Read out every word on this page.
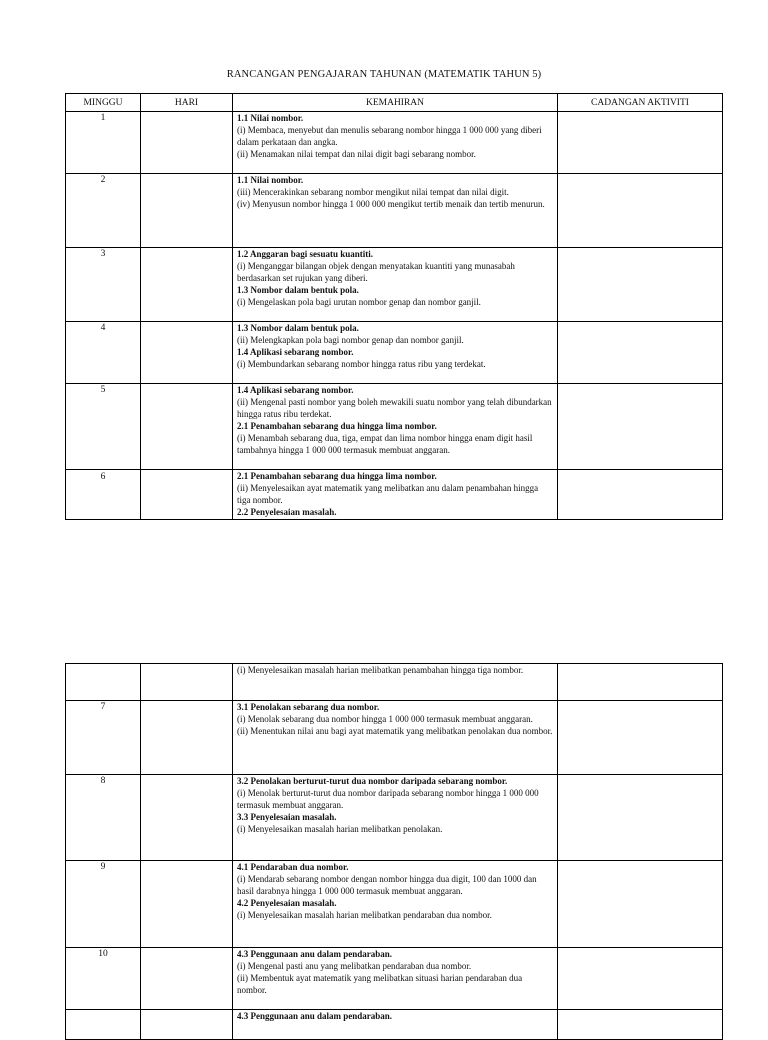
RANCANGAN PENGAJARAN TAHUNAN (MATEMATIK TAHUN 5)
MINGGU	HARI	KEMAHIRAN	CADANGAN AKTIVITI
1		1.1 Nilai nombor.
(i) Membaca, menyebut dan menulis sebarang nombor hingga 1 000 000 yang diberi dalam perkataan dan angka.
(ii) Menamakan nilai tempat dan nilai digit bagi sebarang nombor.	

2		1.1 Nilai nombor.
(iii) Mencerakinkan sebarang nombor mengikut nilai tempat dan nilai digit.
(iv) Menyusun nombor hingga 1 000 000 mengikut tertib menaik dan tertib menurun.	

3		1.2 Anggaran bagi sesuatu kuantiti.
(i) Menganggar bilangan objek dengan menyatakan kuantiti yang munasabah berdasarkan set rujukan yang diberi.
1.3 Nombor dalam bentuk pola.
(i) Mengelaskan pola bagi urutan nombor genap dan nombor ganjil.	

4		1.3 Nombor dalam bentuk pola.
(ii) Melengkapkan pola bagi nombor genap dan nombor ganjil.
1.4 Aplikasi sebarang nombor.
(i) Membundarkan sebarang nombor hingga ratus ribu yang terdekat.	

5		1.4 Aplikasi sebarang nombor.
(ii) Mengenal pasti nombor yang boleh mewakili suatu nombor yang telah dibundarkan hingga ratus ribu terdekat.
2.1 Penambahan sebarang dua hingga lima nombor.
(i) Menambah sebarang dua, tiga, empat dan lima nombor hingga enam digit hasil tambahnya hingga 1 000 000 termasuk membuat anggaran.	

6		2.1 Penambahan sebarang dua hingga lima nombor.
(ii) Menyelesaikan ayat matematik yang melibatkan anu dalam penambahan hingga tiga nombor.
2.2 Penyelesaian masalah.	

		(i) Menyelesaikan masalah harian melibatkan penambahan hingga tiga nombor.	

7		3.1 Penolakan sebarang dua nombor.
(i) Menolak sebarang dua nombor hingga 1 000 000 termasuk membuat anggaran.
(ii) Menentukan nilai anu bagi ayat matematik yang melibatkan penolakan dua nombor.	

8		3.2 Penolakan berturut-turut dua nombor daripada sebarang nombor.
(i) Menolak berturut-turut dua nombor daripada sebarang nombor hingga 1 000 000 termasuk membuat anggaran.
3.3 Penyelesaian masalah.
(i) Menyelesaikan masalah harian melibatkan penolakan.	

9		4.1 Pendaraban dua nombor.
(i) Mendarab sebarang nombor dengan nombor hingga dua digit, 100 dan 1000 dan hasil darabnya hingga 1 000 000 termasuk membuat anggaran.
4.2 Penyelesaian masalah.
(i) Menyelesaikan masalah harian melibatkan pendaraban dua nombor.	

10		4.3 Penggunaan anu dalam pendaraban.
(i) Mengenal pasti anu yang melibatkan pendaraban dua nombor.
(ii) Membentuk ayat matematik yang melibatkan situasi harian pendaraban dua nombor.	

		4.3 Penggunaan anu dalam pendaraban.	
